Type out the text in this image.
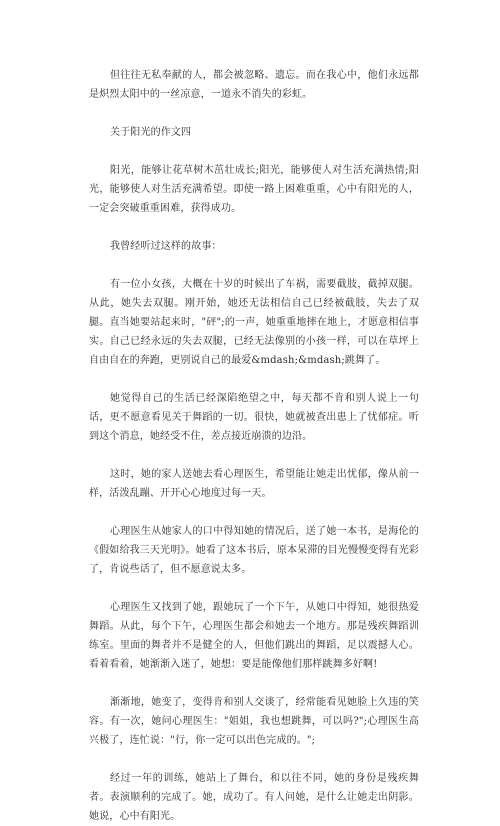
但往往无私奉献的人，都会被忽略、遗忘。而在我心中，他们永远都是炽烈太阳中的一丝凉意，一道永不消失的彩虹。

关于阳光的作文四

阳光，能够让花草树木茁壮成长;阳光，能够使人对生活充满热情;阳光，能够使人对生活充满希望。即使一路上困难重重，心中有阳光的人，一定会突破重重困难，获得成功。

我曾经听过这样的故事：

有一位小女孩，大概在十岁的时候出了车祸，需要截肢，截掉双腿。从此，她失去双腿。刚开始，她还无法相信自己已经被截肢，失去了双腿。直当她要站起来时，"砰";的一声，她重重地摔在地上，才愿意相信事实。自己已经永远的失去双腿，已经无法像别的小孩一样，可以在草坪上自由自在的奔跑，更别说自己的最爱&mdash;&mdash;跳舞了。

她觉得自己的生活已经深陷绝望之中，每天都不肯和别人说上一句话，更不愿意看见关于舞蹈的一切。很快，她就被查出患上了忧郁症。听到这个消息，她经受不住，差点接近崩溃的边沿。

这时，她的家人送她去看心理医生，希望能让她走出忧郁，像从前一样，活泼乱蹦、开开心心地度过每一天。

心理医生从她家人的口中得知她的情况后，送了她一本书，是海伦的《假如给我三天光明》。她看了这本书后，原本呆滞的目光慢慢变得有光彩了，肯说些话了，但不愿意说太多。

心理医生又找到了她，跟她玩了一个下午，从她口中得知，她很热爱舞蹈。从此，每个下午，心理医生都会和她去一个地方。那是残疾舞蹈训练室。里面的舞者并不是健全的人，但他们跳出的舞蹈，足以震撼人心。看着看着，她渐渐入迷了，她想：要是能像他们那样跳舞多好啊!

渐渐地，她变了，变得肯和别人交谈了，经常能看见她脸上久违的笑容。有一次，她问心理医生："姐姐，我也想跳舞，可以吗?";心理医生高兴极了，连忙说："行，你一定可以出色完成的。";

经过一年的训练，她站上了舞台，和以往不同，她的身份是残疾舞者。表演顺利的完成了。她，成功了。有人问她，是什么让她走出阴影。她说，心中有阳光。
